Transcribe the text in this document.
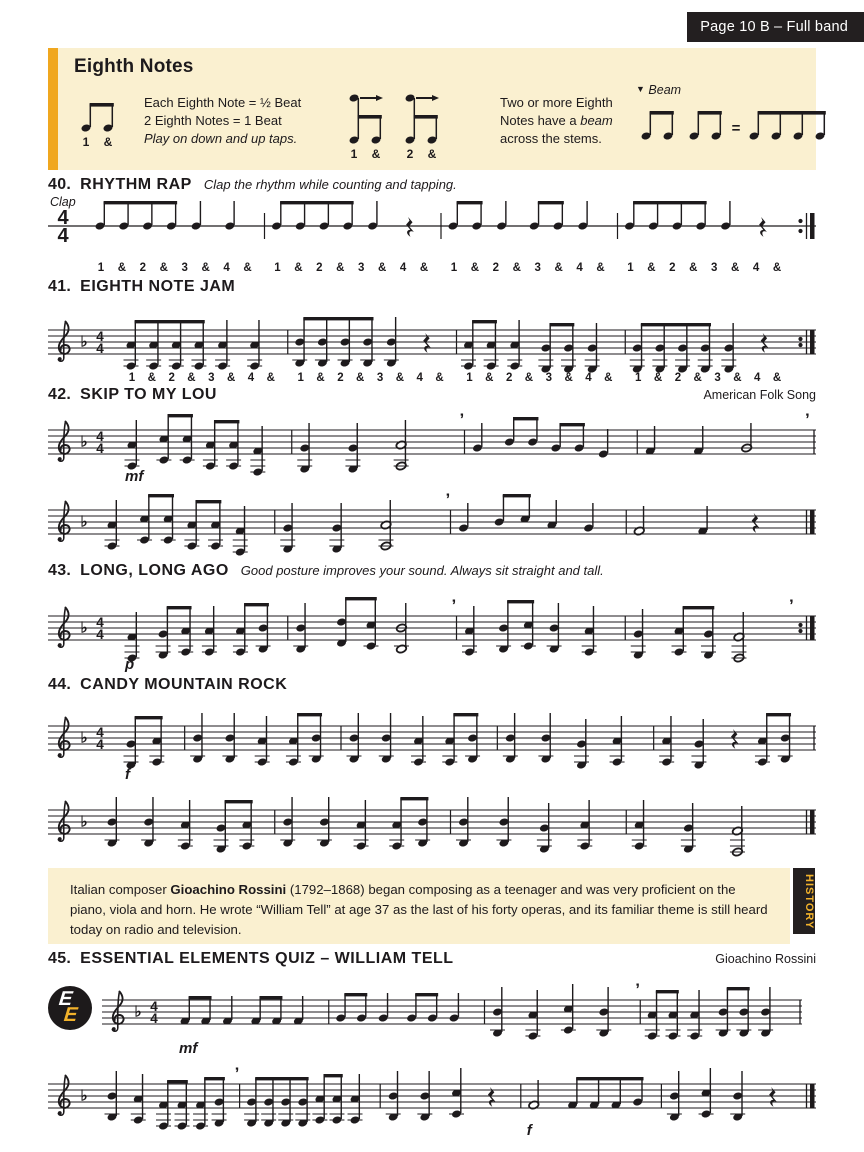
Page 10 B – Full band
Eighth Notes
1 &
Each Eighth Note = ½ Beat
2 Eighth Notes = 1 Beat
Play on down and up taps.
1 & 2 &
Two or more Eighth
Notes have a beam
across the stems.
▼ Beam
=
40. RHYTHM RAP Clap the rhythm while counting and tapping.
Clap
4
4
1 & 2 & 3 & 4 & 1 & 2 & 3 & 4 & 1 & 2 & 3 & 4 & 1 & 2 & 3 & 4 &
41. EIGHTH NOTE JAM
♭ 4
4
1 & 2 & 3 & 4 & 1 & 2 & 3 & 4 & 1 & 2 & 3 & 4 & 1 & 2 & 3 & 4 &
42. SKIP TO MY LOU	American Folk Song
♭ 4
4
mf
’	’
♭
’
43. LONG, LONG AGO Good posture improves your sound. Always sit straight and tall.
♭ 4
4
p
’	’
44. CANDY MOUNTAIN ROCK
♭ 4
4
f
♭
Italian composer Gioachino Rossini (1792–1868) began composing as a teenager and was very proficient on the piano, viola and horn. He wrote “William Tell” at age 37 as the last of his forty operas, and its familiar theme is still heard today on radio and television.	HISTORY
45. ESSENTIAL ELEMENTS QUIZ – WILLIAM TELL	Gioachino Rossini
E
E	♭ 4
4
mf
’
♭
’
f
